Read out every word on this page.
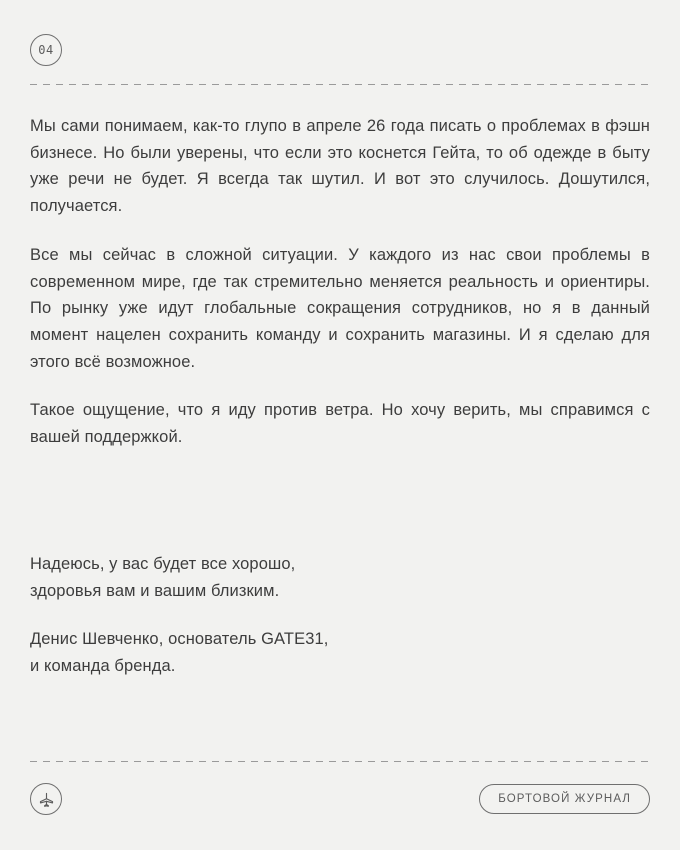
04

Мы сами понимаем, как-то глупо в апреле 26 года писать о проблемах в фэшн бизнесе. Но были уверены, что если это коснется Гейта, то об одежде в быту уже речи не будет. Я всегда так шутил. И вот это случилось. Дошутился, получается.

Все мы сейчас в сложной ситуации. У каждого из нас свои проблемы в современном мире, где так стремительно меняется реальность и ориентиры. По рынку уже идут глобальные сокращения сотрудников, но я в данный момент нацелен сохранить команду и сохранить магазины. И я сделаю для этого всё возможное.

Такое ощущение, что я иду против ветра. Но хочу верить, мы справимся с вашей поддержкой.

Надеюсь, у вас будет все хорошо,
здоровья вам и вашим близким.

Денис Шевченко, основатель GATE31,
и команда бренда.

БОРТОВОЙ ЖУРНАЛ
